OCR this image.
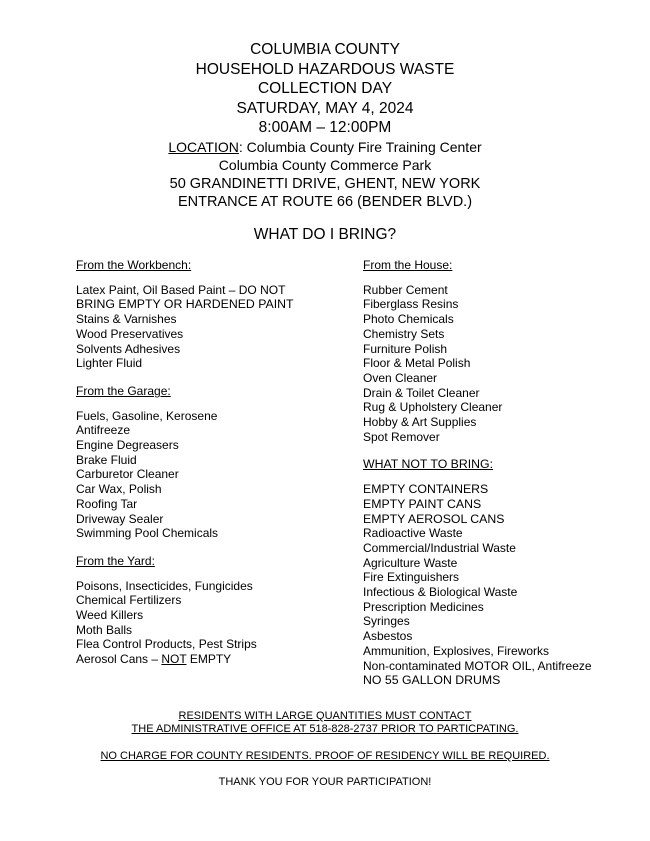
COLUMBIA COUNTY
HOUSEHOLD HAZARDOUS WASTE
COLLECTION DAY
SATURDAY, MAY 4, 2024
8:00AM – 12:00PM
LOCATION: Columbia County Fire Training Center
Columbia County Commerce Park
50 GRANDINETTI DRIVE, GHENT, NEW YORK
ENTRANCE AT ROUTE 66 (BENDER BLVD.)
WHAT DO I BRING?
From the Workbench:
Latex Paint, Oil Based Paint – DO NOT
BRING EMPTY OR HARDENED PAINT
Stains & Varnishes
Wood Preservatives
Solvents Adhesives
Lighter Fluid
From the Garage:
Fuels, Gasoline, Kerosene
Antifreeze
Engine Degreasers
Brake Fluid
Carburetor Cleaner
Car Wax, Polish
Roofing Tar
Driveway Sealer
Swimming Pool Chemicals
From the Yard:
Poisons, Insecticides, Fungicides
Chemical Fertilizers
Weed Killers
Moth Balls
Flea Control Products, Pest Strips
Aerosol Cans – NOT EMPTY
From the House:
Rubber Cement
Fiberglass Resins
Photo Chemicals
Chemistry Sets
Furniture Polish
Floor & Metal Polish
Oven Cleaner
Drain & Toilet Cleaner
Rug & Upholstery Cleaner
Hobby & Art Supplies
Spot Remover
WHAT NOT TO BRING:
EMPTY CONTAINERS
EMPTY PAINT CANS
EMPTY AEROSOL CANS
Radioactive Waste
Commercial/Industrial Waste
Agriculture Waste
Fire Extinguishers
Infectious & Biological Waste
Prescription Medicines
Syringes
Asbestos
Ammunition, Explosives, Fireworks
Non-contaminated MOTOR OIL, Antifreeze
NO 55 GALLON DRUMS
RESIDENTS WITH LARGE QUANTITIES MUST CONTACT
THE ADMINISTRATIVE OFFICE AT 518-828-2737 PRIOR TO PARTICPATING.
NO CHARGE FOR COUNTY RESIDENTS. PROOF OF RESIDENCY WILL BE REQUIRED.
THANK YOU FOR YOUR PARTICIPATION!
